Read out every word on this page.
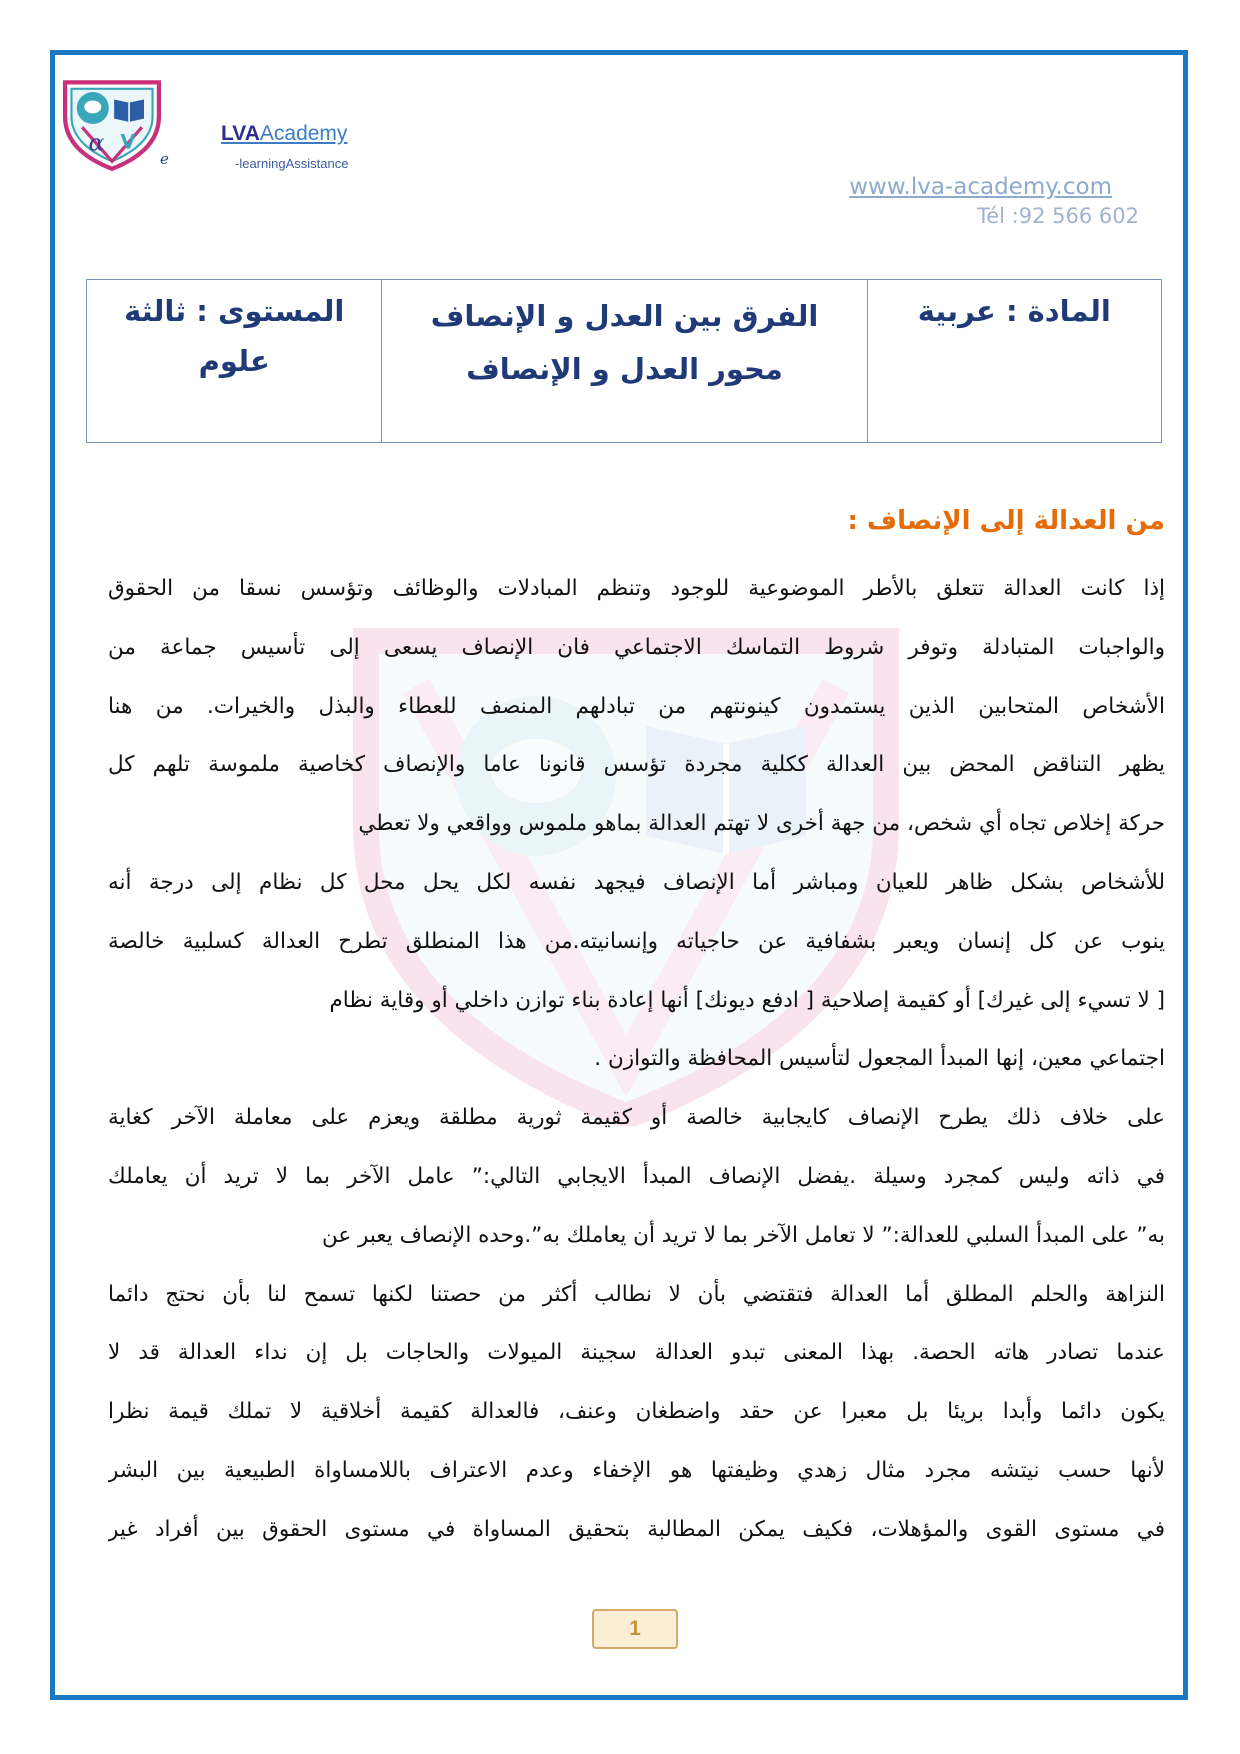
α V
e
LVAAcademy
-learningAssistance
www.lva-academy.com
Tél :92 566 602
المادة : عربية
الفرق بين العدل و الإنصاف
محور العدل و الإنصاف
المستوى : ثالثة
علوم
من العدالة إلى الإنصاف :
إذا كانت العدالة تتعلق بالأطر الموضوعية للوجود وتنظم المبادلات والوظائف وتؤسس نسقا من الحقوق
والواجبات المتبادلة وتوفر شروط التماسك الاجتماعي فان الإنصاف يسعى إلى تأسيس جماعة من
الأشخاص المتحابين الذين يستمدون كينونتهم من تبادلهم المنصف للعطاء والبذل والخيرات. من هنا
يظهر التناقض المحض بين العدالة ككلية مجردة تؤسس قانونا عاما والإنصاف كخاصية ملموسة تلهم كل
حركة إخلاص تجاه أي شخص، من جهة أخرى لا تهتم العدالة بماهو ملموس وواقعي ولا تعطي
للأشخاص بشكل ظاهر للعيان ومباشر أما الإنصاف فيجهد نفسه لكل يحل محل كل نظام إلى درجة أنه
ينوب عن كل إنسان ويعبر بشفافية عن حاجياته وإنسانيته.من هذا المنطلق تطرح العدالة كسلبية خالصة
[ لا تسيء إلى غيرك] أو كقيمة إصلاحية [ ادفع ديونك] أنها إعادة بناء توازن داخلي أو وقاية نظام
اجتماعي معين، إنها المبدأ المجعول لتأسيس المحافظة والتوازن .
على خلاف ذلك يطرح الإنصاف كايجابية خالصة أو كقيمة ثورية مطلقة ويعزم على معاملة الآخر كغاية
في ذاته وليس كمجرد وسيلة .يفضل الإنصاف المبدأ الايجابي التالي:” عامل الآخر بما لا تريد أن يعاملك
به” على المبدأ السلبي للعدالة:” لا تعامل الآخر بما لا تريد أن يعاملك به”.وحده الإنصاف يعبر عن
النزاهة والحلم المطلق أما العدالة فتقتضي بأن لا نطالب أكثر من حصتنا لكنها تسمح لنا بأن نحتج دائما
عندما تصادر هاته الحصة. بهذا المعنى تبدو العدالة سجينة الميولات والحاجات بل إن نداء العدالة قد لا
يكون دائما وأبدا بريئا بل معبرا عن حقد واضطغان وعنف، فالعدالة كقيمة أخلاقية لا تملك قيمة نظرا
لأنها حسب نيتشه مجرد مثال زهدي وظيفتها هو الإخفاء وعدم الاعتراف باللامساواة الطبيعية بين البشر
في مستوى القوى والمؤهلات، فكيف يمكن المطالبة بتحقيق المساواة في مستوى الحقوق بين أفراد غير
1
